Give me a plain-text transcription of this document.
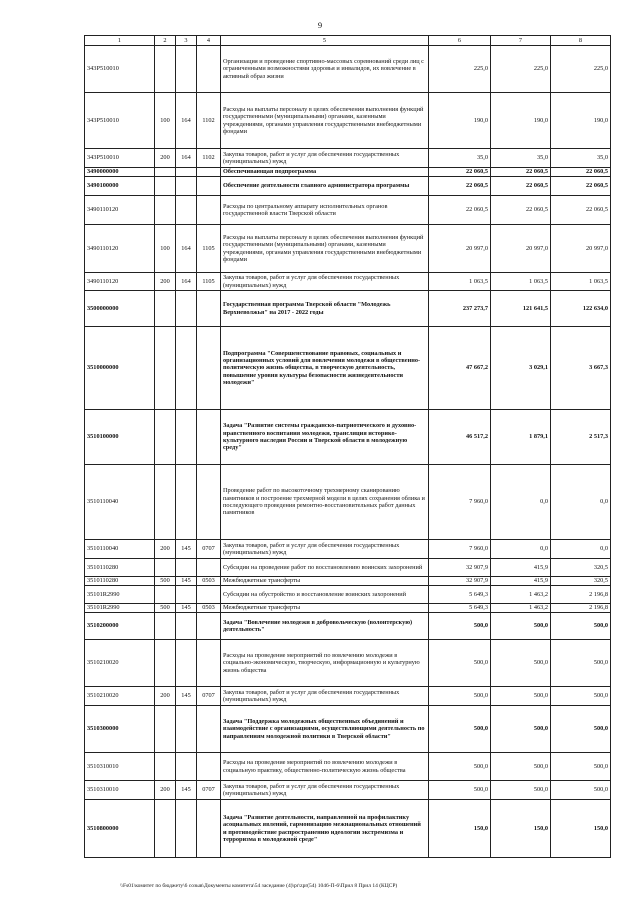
9
1	2	3	4	5	6	7	8
343Р510010				Организация и проведение спортивно-массовых соревнований среди лиц с ограниченными возможностями здоровья и инвалидов, их вовлечение в активный образ жизни	225,0	225,0	225,0
343Р510010	100	164	1102	Расходы на выплаты персоналу в целях обеспечения выполнения функций государственными (муниципальными) органами, казенными учреждениями, органами управления государственными внебюджетными фондами	190,0	190,0	190,0
343Р510010	200	164	1102	Закупка товаров, работ и услуг для обеспечения государственных (муниципальных) нужд	35,0	35,0	35,0
3490000000				Обеспечивающая подпрограмма	22 060,5	22 060,5	22 060,5
3490100000				Обеспечение деятельности главного администратора программы	22 060,5	22 060,5	22 060,5
3490110120				Расходы по центральному аппарату исполнительных органов государственной власти Тверской области	22 060,5	22 060,5	22 060,5
3490110120	100	164	1105	Расходы на выплаты персоналу в целях обеспечения выполнения функций государственными (муниципальными) органами, казенными учреждениями, органами управления государственными внебюджетными фондами	20 997,0	20 997,0	20 997,0
3490110120	200	164	1105	Закупка товаров, работ и услуг для обеспечения государственных (муниципальных) нужд	1 063,5	1 063,5	1 063,5
3500000000				Государственная программа Тверской области "Молодежь Верхневолжья" на 2017 - 2022 годы	237 273,7	121 641,5	122 634,0
3510000000				Подпрограмма "Совершенствование правовых, социальных и организационных условий для вовлечения молодежи в общественно-политическую жизнь общества, в творческую деятельность, повышение уровня культуры безопасности жизнедеятельности молодежи"	47 667,2	3 029,1	3 667,3
3510100000				Задача "Развитие системы гражданско-патриотического и духовно-нравственного воспитания молодежи, трансляция историко-культурного наследия России и Тверской области в молодежную среду"	46 517,2	1 879,1	2 517,3
3510110040				Проведение работ по высокоточному трехмерному сканированию памятников и построение трехмерной модели в целях сохранения облика и последующего проведения ремонтно-восстановительных работ данных памятников	7 960,0	0,0	0,0
3510110040	200	145	0707	Закупка товаров, работ и услуг для обеспечения государственных (муниципальных) нужд	7 960,0	0,0	0,0
3510110280				Субсидии на проведение работ по восстановлению воинских захоронений	32 907,9	415,9	320,5
3510110280	500	145	0503	Межбюджетные трансферты	32 907,9	415,9	320,5
35101R2990				Субсидии на обустройство и восстановление воинских захоронений	5 649,3	1 463,2	2 196,8
35101R2990	500	145	0503	Межбюджетные трансферты	5 649,3	1 463,2	2 196,8
3510200000				Задача "Вовлечение молодежи в добровольческую (волонтерскую) деятельность"	500,0	500,0	500,0
3510210020				Расходы на проведение мероприятий по вовлечению молодежи в социально-экономическую, творческую, информационную и культурную жизнь общества	500,0	500,0	500,0
3510210020	200	145	0707	Закупка товаров, работ и услуг для обеспечения государственных (муниципальных) нужд	500,0	500,0	500,0
3510300000				Задача "Поддержка молодежных общественных объединений и взаимодействие с организациями, осуществляющими деятельность по направлениям молодежной политики в Тверской области"	500,0	500,0	500,0
3510310010				Расходы на проведение мероприятий по вовлечению молодежи в социальную практику, общественно-политическую жизнь общества	500,0	500,0	500,0
3510310010	200	145	0707	Закупка товаров, работ и услуг для обеспечения государственных (муниципальных) нужд	500,0	500,0	500,0
3510800000				Задача "Развитие деятельности, направленной на профилактику асоциальных явлений, гармонизацию межнациональных отношений и противодействие распространению идеологии экстремизма и терроризма в молодежной среде"	150,0	150,0	150,0
\\Fs01\комитет по бюджету\6 созыв\Документы комитета\54 заседание (4)\pr\zpr(54) 1046-П-6\Прил 8 Прил 14 (КЦСР)
